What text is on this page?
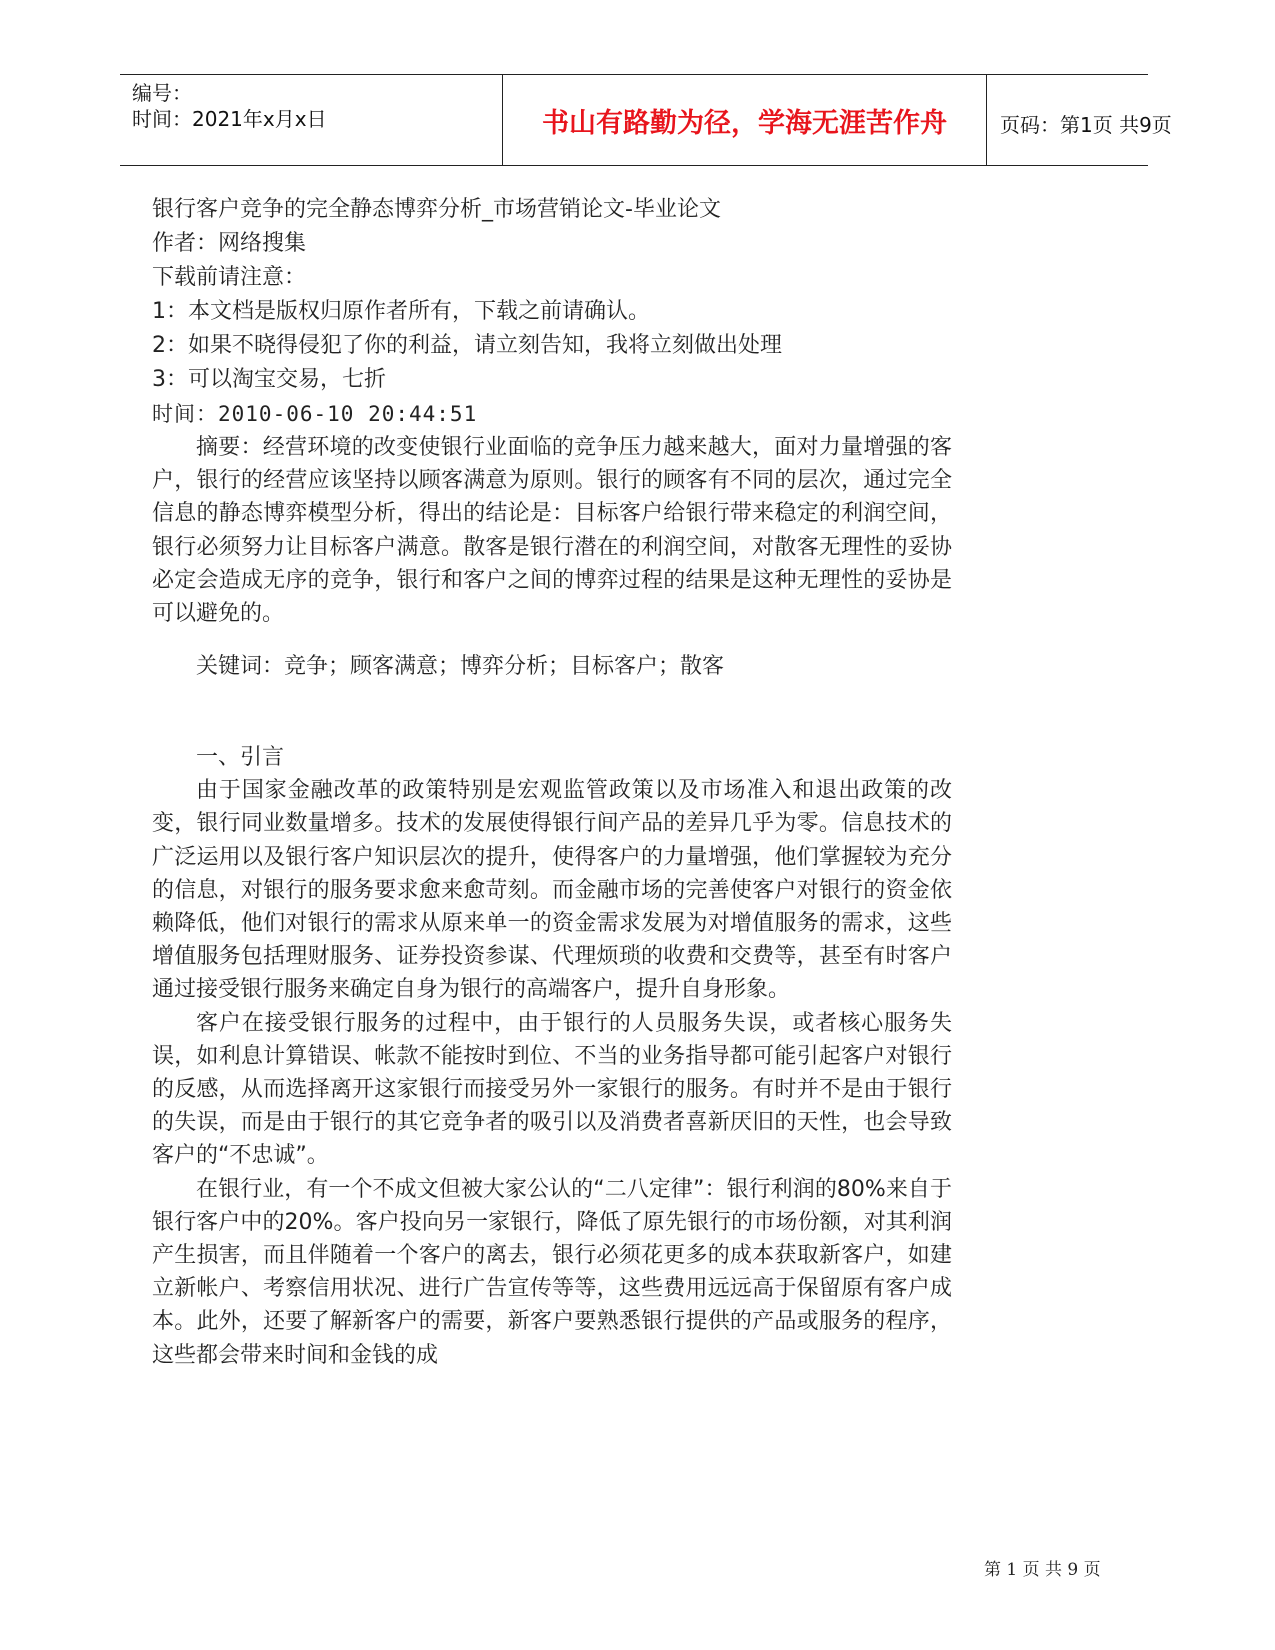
编号：
时间：2021年x月x日	书山有路勤为径，学海无涯苦作舟	页码：第1页 共9页
银行客户竞争的完全静态博弈分析_市场营销论文-毕业论文
作者：网络搜集
下载前请注意：
1：本文档是版权归原作者所有，下载之前请确认。
2：如果不晓得侵犯了你的利益，请立刻告知，我将立刻做出处理
3：可以淘宝交易，七折
时间：2010-06-10 20:44:51

摘要：经营环境的改变使银行业面临的竞争压力越来越大，面对力量增强的客户，银行的经营应该坚持以顾客满意为原则。银行的顾客有不同的层次，通过完全信息的静态博弈模型分析，得出的结论是：目标客户给银行带来稳定的利润空间，银行必须努力让目标客户满意。散客是银行潜在的利润空间，对散客无理性的妥协必定会造成无序的竞争，银行和客户之间的博弈过程的结果是这种无理性的妥协是可以避免的。

关键词：竞争；顾客满意；博弈分析；目标客户；散客

一、引言

由于国家金融改革的政策特别是宏观监管政策以及市场准入和退出政策的改变，银行同业数量增多。技术的发展使得银行间产品的差异几乎为零。信息技术的广泛运用以及银行客户知识层次的提升，使得客户的力量增强，他们掌握较为充分的信息，对银行的服务要求愈来愈苛刻。而金融市场的完善使客户对银行的资金依赖降低，他们对银行的需求从原来单一的资金需求发展为对增值服务的需求，这些增值服务包括理财服务、证券投资参谋、代理烦琐的收费和交费等，甚至有时客户通过接受银行服务来确定自身为银行的高端客户，提升自身形象。

客户在接受银行服务的过程中，由于银行的人员服务失误，或者核心服务失误，如利息计算错误、帐款不能按时到位、不当的业务指导都可能引起客户对银行的反感，从而选择离开这家银行而接受另外一家银行的服务。有时并不是由于银行的失误，而是由于银行的其它竞争者的吸引以及消费者喜新厌旧的天性，也会导致客户的“不忠诚”。

在银行业，有一个不成文但被大家公认的“二八定律”：银行利润的80%来自于银行客户中的20%。客户投向另一家银行，降低了原先银行的市场份额，对其利润产生损害，而且伴随着一个客户的离去，银行必须花更多的成本获取新客户，如建立新帐户、考察信用状况、进行广告宣传等等，这些费用远远高于保留原有客户成本。此外，还要了解新客户的需要，新客户要熟悉银行提供的产品或服务的程序，这些都会带来时间和金钱的成

第 1 页 共 9 页
